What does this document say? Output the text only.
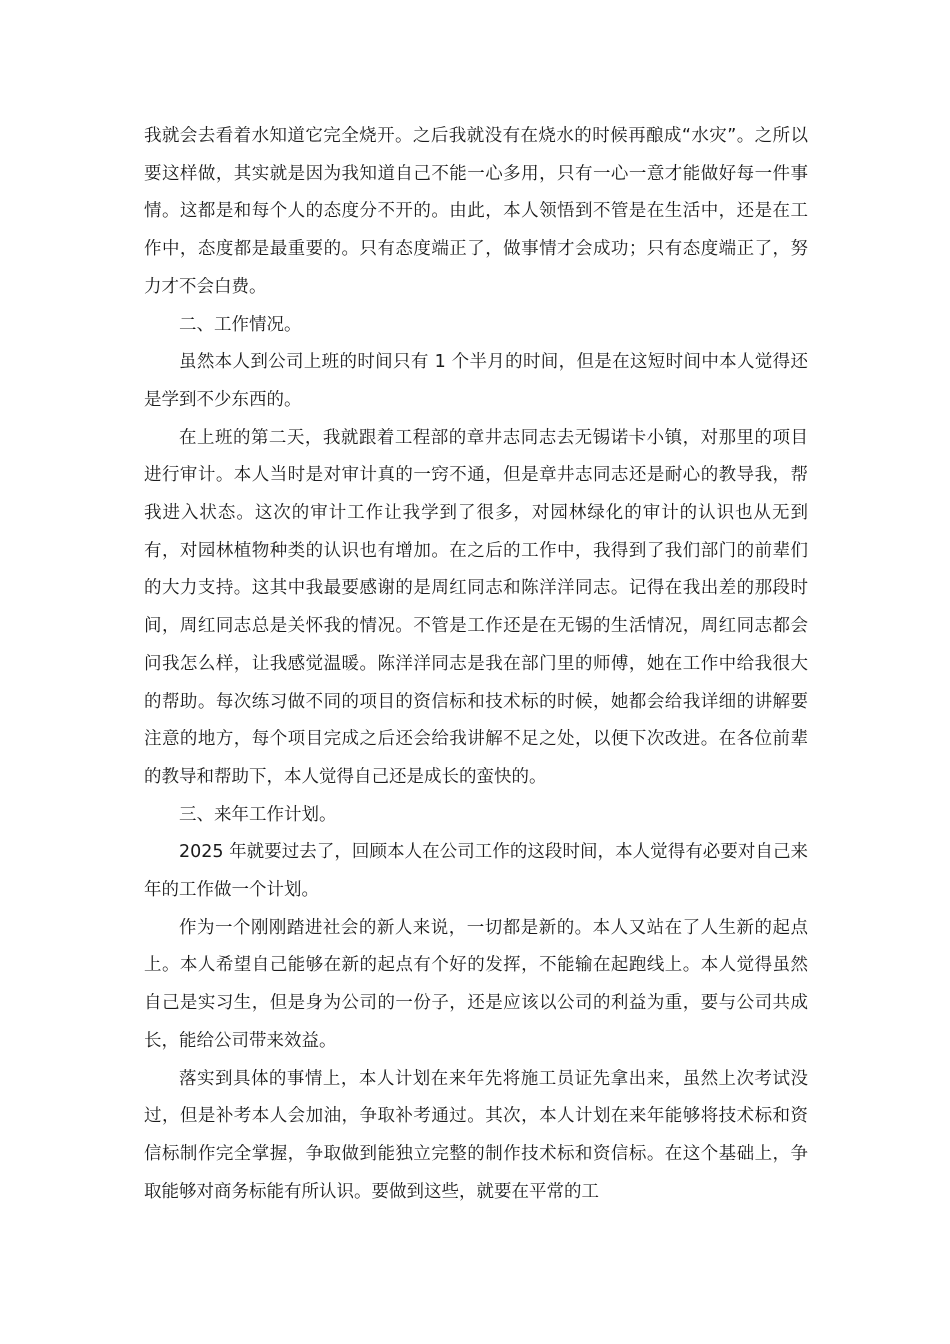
我就会去看着水知道它完全烧开。之后我就没有在烧水的时候再酿成“水灾”。之所以要这样做，其实就是因为我知道自己不能一心多用，只有一心一意才能做好每一件事情。这都是和每个人的态度分不开的。由此，本人领悟到不管是在生活中，还是在工作中，态度都是最重要的。只有态度端正了，做事情才会成功；只有态度端正了，努力才不会白费。

二、工作情况。

虽然本人到公司上班的时间只有 1 个半月的时间，但是在这短时间中本人觉得还是学到不少东西的。

在上班的第二天，我就跟着工程部的章井志同志去无锡诺卡小镇，对那里的项目进行审计。本人当时是对审计真的一窍不通，但是章井志同志还是耐心的教导我，帮我进入状态。这次的审计工作让我学到了很多，对园林绿化的审计的认识也从无到有，对园林植物种类的认识也有增加。在之后的工作中，我得到了我们部门的前辈们的大力支持。这其中我最要感谢的是周红同志和陈洋洋同志。记得在我出差的那段时间，周红同志总是关怀我的情况。不管是工作还是在无锡的生活情况，周红同志都会问我怎么样，让我感觉温暖。陈洋洋同志是我在部门里的师傅，她在工作中给我很大的帮助。每次练习做不同的项目的资信标和技术标的时候，她都会给我详细的讲解要注意的地方，每个项目完成之后还会给我讲解不足之处，以便下次改进。在各位前辈的教导和帮助下，本人觉得自己还是成长的蛮快的。

三、来年工作计划。

2025 年就要过去了，回顾本人在公司工作的这段时间，本人觉得有必要对自己来年的工作做一个计划。

作为一个刚刚踏进社会的新人来说，一切都是新的。本人又站在了人生新的起点上。本人希望自己能够在新的起点有个好的发挥，不能输在起跑线上。本人觉得虽然自己是实习生，但是身为公司的一份子，还是应该以公司的利益为重，要与公司共成长，能给公司带来效益。

落实到具体的事情上，本人计划在来年先将施工员证先拿出来，虽然上次考试没过，但是补考本人会加油，争取补考通过。其次，本人计划在来年能够将技术标和资信标制作完全掌握，争取做到能独立完整的制作技术标和资信标。在这个基础上，争取能够对商务标能有所认识。要做到这些，就要在平常的工
